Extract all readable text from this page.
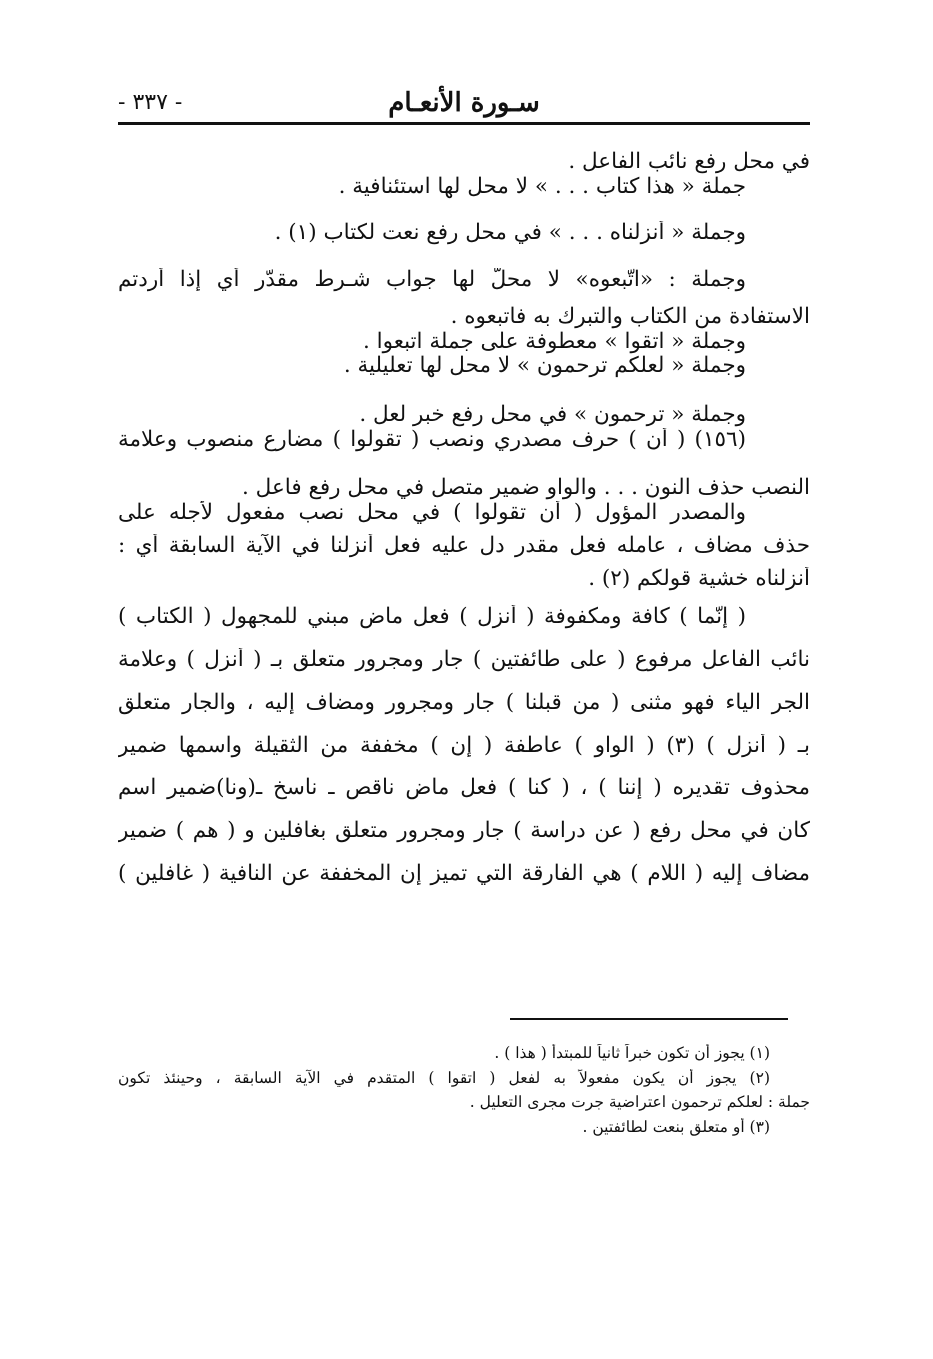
سـورة الأنعـام
- ٣٣٧ -
في محل رفع نائب الفاعل .
جملة « هذا كتاب . . . » لا محل لها استئنافية .
وجملة « أنزلناه . . . » في محل رفع نعت لكتاب (١) .
وجملة : «اتّبعوه» لا محلّ لها جواب شـرط مقدّر أي إذا أردتم
الاستفادة من الكتاب والتبرك به فاتبعوه .
وجملة « اتقوا » معطوفة على جملة اتبعوا .
وجملة « لعلكم ترحمون » لا محل لها تعليلية .
وجملة « ترحمون » في محل رفع خبر لعل .
(١٥٦) ( أن ) حرف مصدري ونصب ( تقولوا ) مضارع منصوب وعلامة
النصب حذف النون . . . والواو ضمير متصل في محل رفع فاعل .
والمصدر المؤول ( أن تقولوا ) في محل نصب مفعول لأجله على
حذف مضاف ، عامله فعل مقدر دل عليه فعل أنزلنا في الآية السابقة أي :
أنزلناه خشية قولكم (٢) .
( إنّما ) كافة ومكفوفة ( أنزل ) فعل ماض مبني للمجهول ( الكتاب )
نائب الفاعل مرفوع ( على طائفتين ) جار ومجرور متعلق بـ ( أنزل ) وعلامة
الجر الياء فهو مثنى ( من قبلنا ) جار ومجرور ومضاف إليه ، والجار متعلق
بـ ( أنزل ) (٣) ( الواو ) عاطفة ( إن ) مخففة من الثقيلة واسمها ضمير
محذوف تقديره ( إننا ) ، ( كنا ) فعل ماض ناقص ـ ناسخ ـ(ونا)ضمير اسم
كان في محل رفع ( عن دراسة ) جار ومجرور متعلق بغافلين و ( هم ) ضمير
مضاف إليه ( اللام ) هي الفارقة التي تميز إن المخففة عن النافية ( غافلين )
(١) يجوز أن تكون خبراً ثانياً للمبتدأ ( هذا ) .
(٢) يجوز أن يكون مفعولاً به لفعل ( اتقوا ) المتقدم في الآية السابقة ، وحينئذ تكون
جملة : لعلكم ترحمون اعتراضية جرت مجرى التعليل .
(٣) أو متعلق بنعت لطائفتين .
